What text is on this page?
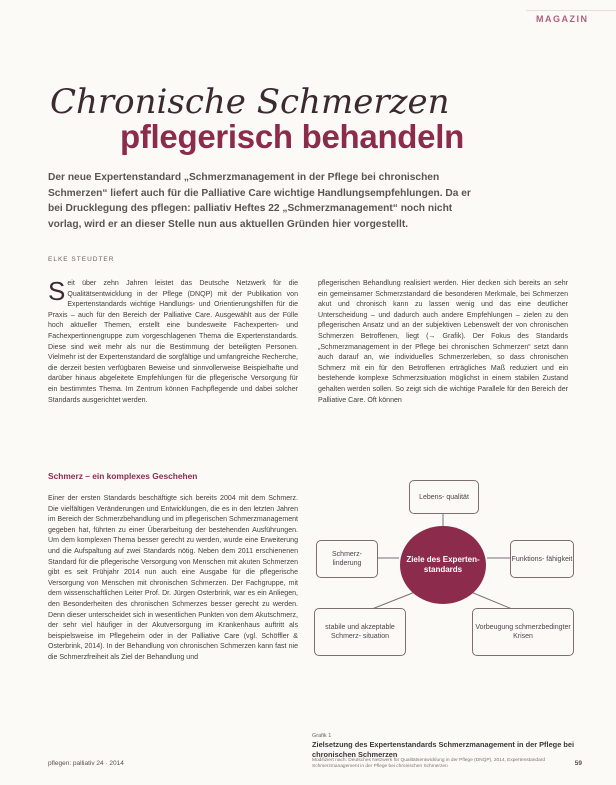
MAGAZIN
Chronische Schmerzen
pflegerisch behandeln
Der neue Expertenstandard „Schmerzmanagement in der Pflege bei chronischen Schmerzen“ liefert auch für die Palliative Care wichtige Handlungsempfehlungen. Da er bei Drucklegung des pflegen: palliativ Heftes 22 „Schmerzmanagement“ noch nicht vorlag, wird er an dieser Stelle nun aus aktuellen Gründen hier vorgestellt.
ELKE STEUDTER
Seit über zehn Jahren leistet das Deutsche Netzwerk für die Qualitätsentwicklung in der Pflege (DNQP) mit der Publikation von Expertenstandards wichtige Handlungs- und Orientierungshilfen für die Praxis – auch für den Bereich der Palliative Care. Ausgewählt aus der Fülle hoch aktueller Themen, erstellt eine bundesweite Fachexperten- und Fachexpertinnengruppe zum vorgeschlagenen Thema die Expertenstandards. Diese sind weit mehr als nur die Bestimmung der beteiligten Personen. Vielmehr ist der Expertenstandard die sorgfältige und umfangreiche Recherche, die derzeit besten verfügbaren Beweise und sinnvollerweise Beispielhafte und darüber hinaus abgeleitete Empfehlungen für die pflegerische Versorgung für ein bestimmtes Thema. Im Zentrum können Fachpflegende und dabei solcher Standards ausgerichtet werden.
Schmerz – ein komplexes Geschehen
Einer der ersten Standards beschäftigte sich bereits 2004 mit dem Schmerz. Die vielfältigen Veränderungen und Entwicklungen, die es in den letzten Jahren im Bereich der Schmerzbehandlung und im pflegerischen Schmerzmanagement gegeben hat, führten zu einer Überarbeitung der bestehenden Ausführungen. Um dem komplexen Thema besser gerecht zu werden, wurde eine Erweiterung und die Aufspaltung auf zwei Standards nötig. Neben dem 2011 erschienenen Standard für die pflegerische Versorgung von Menschen mit akuten Schmerzen gibt es seit Frühjahr 2014 nun auch eine Ausgabe für die pflegerische Versorgung von Menschen mit chronischen Schmerzen. Der Fachgruppe, mit dem wissenschaftlichen Leiter Prof. Dr. Jürgen Osterbrink, war es ein Anliegen, den Besonderheiten des chronischen Schmerzes besser gerecht zu werden. Denn dieser unterscheidet sich in wesentlichen Punkten von dem Akutschmerz, der sehr viel häufiger in der Akutversorgung im Krankenhaus auftritt als beispielsweise im Pflegeheim oder in der Palliative Care (vgl. Schöffler & Osterbrink, 2014). In der Behandlung von chronischen Schmerzen kann fast nie die Schmerzfreiheit als Ziel der Behandlung und
pflegerischen Behandlung realisiert werden. Hier decken sich bereits an sehr ein gemeinsamer Schmerzstandard die besonderen Merkmale, bei Schmerzen akut und chronisch kann zu lassen wenig und das eine deutlicher Unterscheidung – und dadurch auch andere Empfehlungen – zielen zu den pflegerischen Ansatz und an der subjektiven Lebenswelt der von chronischen Schmerzen Betroffenen, liegt (→ Grafik). Der Fokus des Standards „Schmerzmanagement in der Pflege bei chronischen Schmerzen“ setzt dann auch darauf an, wie individuelles Schmerzerleben, so dass chronischen Schmerz mit ein für den Betroffenen erträgliches Maß reduziert und ein bestehende komplexe Schmerzsituation möglichst in einem stabilen Zustand gehalten werden sollen. So zeigt sich die wichtige Parallele für den Bereich der Palliative Care. Oft können
Lebens- qualität
Schmerz- linderung
Funktions- fähigkeit
Ziele des Experten- standards
stabile und akzeptable Schmerz- situation
Vorbeugung schmerzbedingter Krisen
Grafik 1
Zielsetzung des Expertenstandards Schmerzmanagement in der Pflege bei chronischen Schmerzen
Modifiziert nach: Deutsches Netzwerk für Qualitätsentwicklung in der Pflege (DNQP), 2014, Expertenstandard Schmerzmanagement in der Pflege bei chronischen Schmerzen
pflegen: palliativ 24 · 2014	59
